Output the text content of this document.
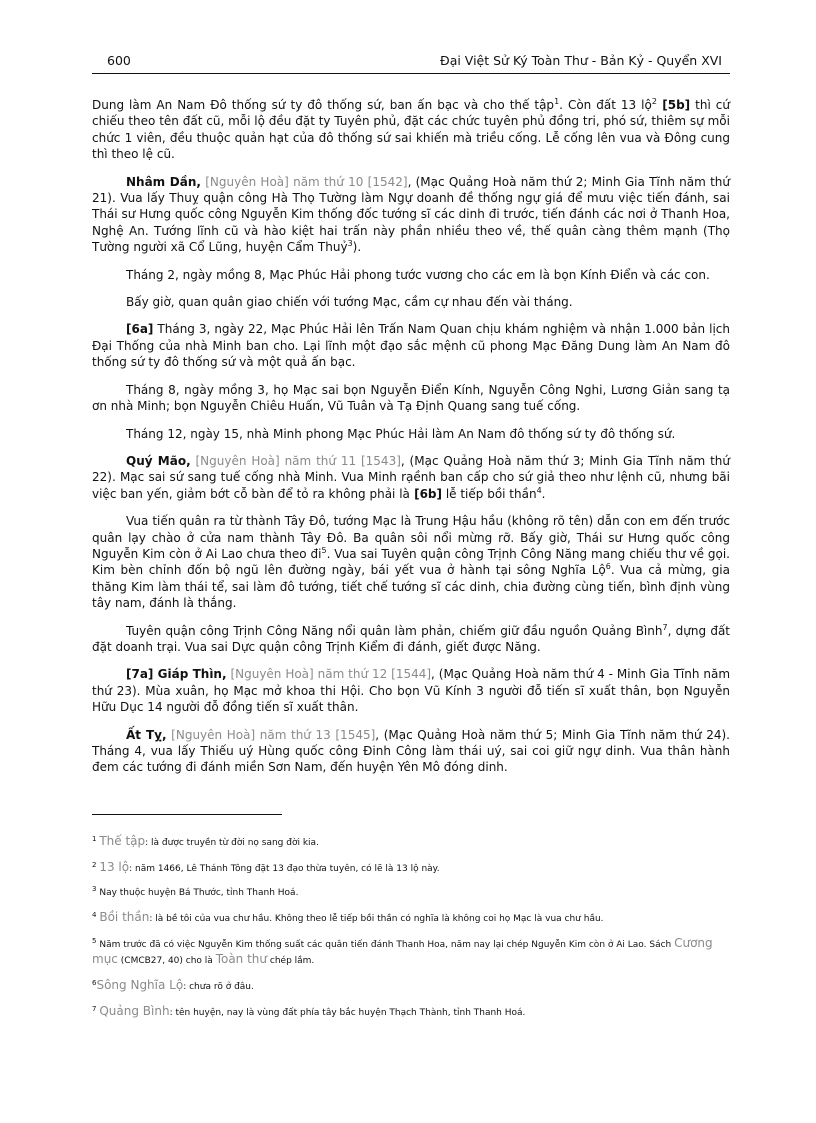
600	Đại Việt Sử Ký Toàn Thư - Bản Kỷ - Quyển XVI

Dung làm An Nam Đô thống sứ ty đô thống sứ, ban ấn bạc và cho thế tập$^1$. Còn đất 13 lộ$^2$ [5b] thì cứ chiếu theo tên đất cũ, mỗi lộ đều đặt ty Tuyên phủ, đặt các chức tuyên phủ đồng tri, phó sứ, thiêm sự mỗi chức 1 viên, đều thuộc quản hạt của đô thống sứ sai khiến mà triều cống. Lễ cống lên vua và Đông cung thì theo lệ cũ.

Nhâm Dần, [Nguyên Hoà] năm thứ 10 [1542], (Mạc Quảng Hoà năm thứ 2; Minh Gia Tĩnh năm thứ 21). Vua lấy Thuỵ quận công Hà Thọ Tường làm Ngự doanh đề thống ngự giá để mưu việc tiến đánh, sai Thái sư Hưng quốc công Nguyễn Kim thống đốc tướng sĩ các dinh đi trước, tiến đánh các nơi ở Thanh Hoa, Nghệ An. Tướng lĩnh cũ và hào kiệt hai trấn này phần nhiều theo về, thế quân càng thêm mạnh (Thọ Tường người xã Cổ Lũng, huyện Cẩm Thuỷ$^3$).

Tháng 2, ngày mồng 8, Mạc Phúc Hải phong tước vương cho các em là bọn Kính Điển và các con.

Bấy giờ, quan quân giao chiến với tướng Mạc, cầm cự nhau đến vài tháng.

[6a] Tháng 3, ngày 22, Mạc Phúc Hải lên Trấn Nam Quan chịu khám nghiệm và nhận 1.000 bản lịch Đại Thống của nhà Minh ban cho. Lại lĩnh một đạo sắc mệnh cũ phong Mạc Đăng Dung làm An Nam đô thống sứ ty đô thống sứ và một quả ấn bạc.

Tháng 8, ngày mồng 3, họ Mạc sai bọn Nguyễn Điển Kính, Nguyễn Công Nghi, Lương Giản sang tạ ơn nhà Minh; bọn Nguyễn Chiêu Huấn, Vũ Tuân và Tạ Định Quang sang tuế cống.

Tháng 12, ngày 15, nhà Minh phong Mạc Phúc Hải làm An Nam đô thống sứ ty đô thống sứ.

Quý Mão, [Nguyên Hoà] năm thứ 11 [1543], (Mạc Quảng Hoà năm thứ 3; Minh Gia Tĩnh năm thứ 22). Mạc sai sứ sang tuế cống nhà Minh. Vua Minh rạềnh ban cấp cho sứ giả theo như lệnh cũ, nhưng bãi việc ban yến, giảm bớt cỗ bàn để tỏ ra không phải là [6b] lễ tiếp bồi thần$^4$.

Vua tiến quân ra từ thành Tây Đô, tướng Mạc là Trung Hậu hầu (không rõ tên) dẫn con em đến trước quân lạy chào ở cửa nam thành Tây Đô. Ba quân sôi nổi mừng rỡ. Bấy giờ, Thái sư Hưng quốc công Nguyễn Kim còn ở Ai Lao chưa theo $đi^5$. Vua sai Tuyên quận công Trịnh Công Năng mang chiếu thư về gọi. Kim bèn chỉnh đốn bộ ngũ lên đường ngày, bái yết vua ở hành tại sông Nghĩa Lộ$^6$. Vua cả mừng, gia thăng Kim làm thái tể, sai làm đô tướng, tiết chế tướng sĩ các dinh, chia đường cùng tiến, bình định vùng tây nam, đánh là thắng.

Tuyên quận công Trịnh Công Năng nổi quân làm phản, chiếm giữ đầu nguồn Quảng Bình$^7$, dựng đất đặt doanh trại. Vua sai Dực quận công Trịnh Kiểm đi đánh, giết được Năng.

[7a] Giáp Thìn, [Nguyên Hoà] năm thứ 12 [1544], (Mạc Quảng Hoà năm thứ 4 - Minh Gia Tĩnh năm thứ 23). Mùa xuân, họ Mạc mở khoa thi Hội. Cho bọn Vũ Kính 3 người đỗ tiến sĩ xuất thân, bọn Nguyễn Hữu Dục 14 người đỗ đồng tiến sĩ xuất thân.

Ất Tỵ, [Nguyên Hoà] năm thứ 13 [1545], (Mạc Quảng Hoà năm thứ 5; Minh Gia Tĩnh năm thứ 24). Tháng 4, vua lấy Thiếu uý Hùng quốc công Đinh Công làm thái uý, sai coi giữ ngự dinh. Vua thân hành đem các tướng đi đánh miền Sơn Nam, đến huyện Yên Mô đóng dinh.

$^1$ Thế tập: là được truyền từ đời nọ sang đời kia.
$^2$ 13 lộ: năm 1466, Lê Thánh Tông đặt 13 đạo thừa tuyên, có lẽ là 13 lộ này.
$^3$ Nay thuộc huyện Bá Thước, tỉnh Thanh Hoá.
$^4$ Bồi thần: là bề tôi của vua chư hầu. Không theo lễ tiếp bồi thần có nghĩa là không coi họ Mạc là vua chư hầu.
$^5$ Năm trước đã có việc Nguyễn Kim thống suất các quân tiến đánh Thanh Hoa, năm nay lại chép Nguyễn Kim còn ở Ai Lao. Sách Cương mục (CMCB27, 40) cho là Toàn thư chép lầm.
$^6$Sông Nghĩa Lộ: chưa rõ ở đâu.
$^7$ Quảng Bình: tên huyện, nay là vùng đất phía tây bắc huyện Thạch Thành, tỉnh Thanh Hoá.
